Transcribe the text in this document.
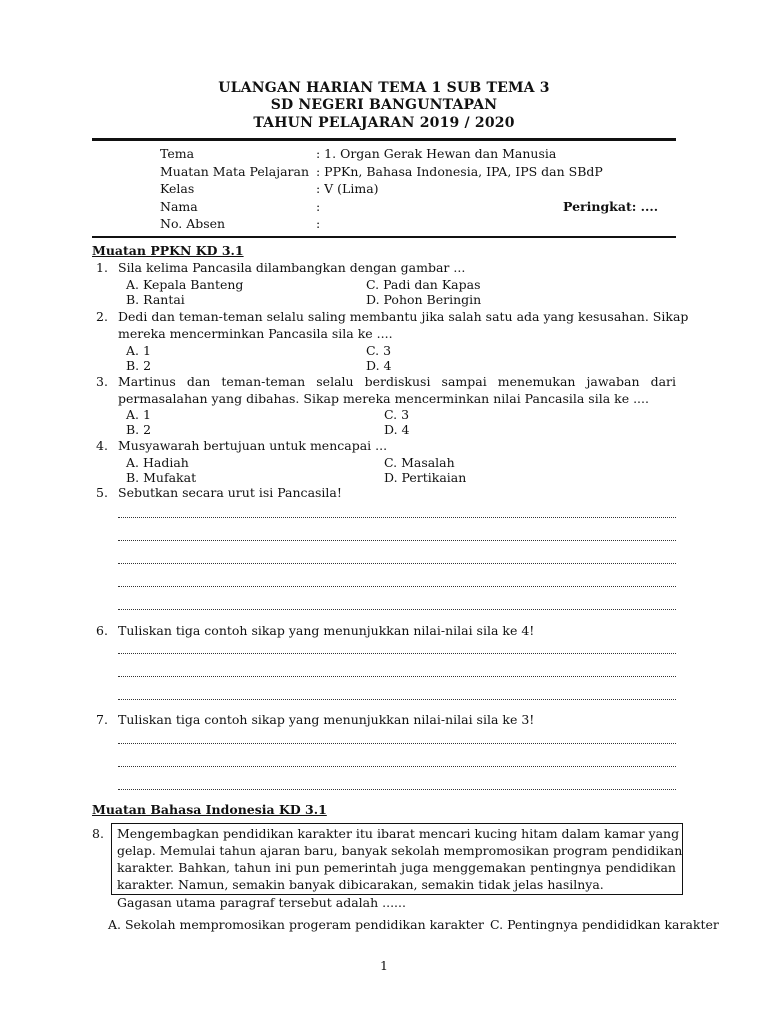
ULANGAN HARIAN TEMA 1 SUB TEMA 3
SD NEGERI BANGUNTAPAN
TAHUN PELAJARAN 2019 / 2020
Tema	: 1. Organ Gerak Hewan dan Manusia
Muatan Mata Pelajaran : PPKn, Bahasa Indonesia, IPA, IPS dan SBdP
Kelas	: V (Lima)
Nama	:
No. Absen	:
Peringkat: ....
Muatan PPKN KD 3.1
1. Sila kelima Pancasila dilambangkan dengan gambar ...
A. Kepala Banteng	C. Padi dan Kapas
B. Rantai	D. Pohon Beringin
2. Dedi dan teman-teman selalu saling membantu jika salah satu ada yang kesusahan. Sikap
mereka mencerminkan Pancasila sila ke ....
A. 1	C. 3
B. 2	D. 4
3. Martinus dan teman-teman selalu berdiskusi sampai menemukan jawaban dari
permasalahan yang dibahas. Sikap mereka mencerminkan nilai Pancasila sila ke ....
A. 1	C. 3
B. 2	D. 4
4. Musyawarah bertujuan untuk mencapai ...
A. Hadiah	C. Masalah
B. Mufakat	D. Pertikaian
5. Sebutkan secara urut isi Pancasila!
6. Tuliskan tiga contoh sikap yang menunjukkan nilai-nilai sila ke 4!
7. Tuliskan tiga contoh sikap yang menunjukkan nilai-nilai sila ke 3!
Muatan Bahasa Indonesia KD 3.1
8. Mengembagkan pendidikan karakter itu ibarat mencari kucing hitam dalam kamar yang
gelap. Memulai tahun ajaran baru, banyak sekolah mempromosikan program pendidikan
karakter. Bahkan, tahun ini pun pemerintah juga menggemakan pentingnya pendidikan
karakter. Namun, semakin banyak dibicarakan, semakin tidak jelas hasilnya.
Gagasan utama paragraf tersebut adalah ......
A. Sekolah mempromosikan progeram pendidikan karakter C. Pentingnya pendididkan karakter
1
